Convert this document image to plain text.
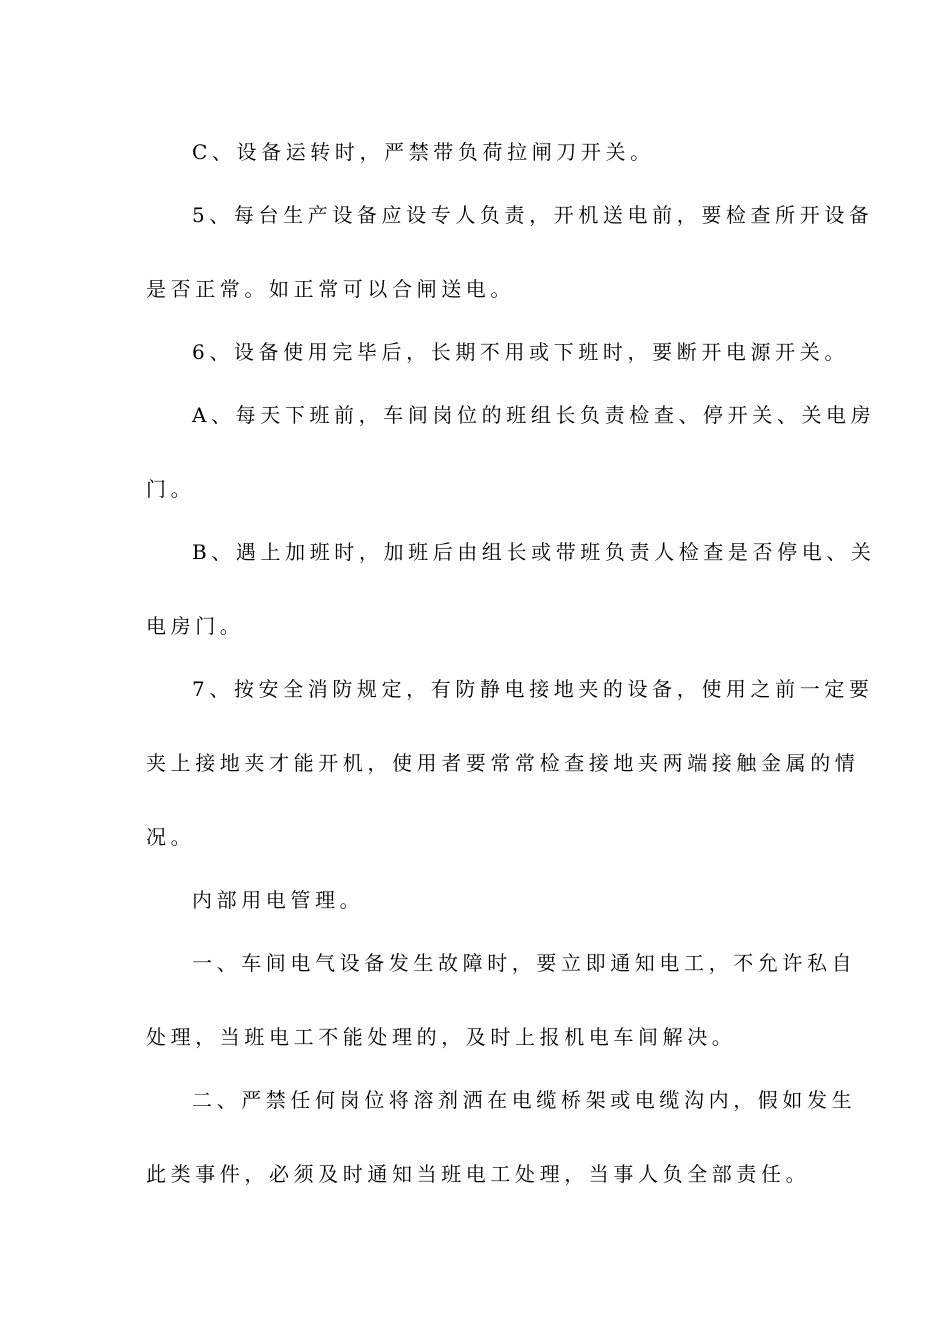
C、设备运转时，严禁带负荷拉闸刀开关。
5、每台生产设备应设专人负责，开机送电前，要检查所开设备
是否正常。如正常可以合闸送电。
6、设备使用完毕后，长期不用或下班时，要断开电源开关。
A、每天下班前，车间岗位的班组长负责检查、停开关、关电房
门。
B、遇上加班时，加班后由组长或带班负责人检查是否停电、关
电房门。
7、按安全消防规定，有防静电接地夹的设备，使用之前一定要
夹上接地夹才能开机，使用者要常常检查接地夹两端接触金属的情
况。
内部用电管理。
一、车间电气设备发生故障时，要立即通知电工，不允许私自
处理，当班电工不能处理的，及时上报机电车间解决。
二、严禁任何岗位将溶剂洒在电缆桥架或电缆沟内，假如发生
此类事件，必须及时通知当班电工处理，当事人负全部责任。
